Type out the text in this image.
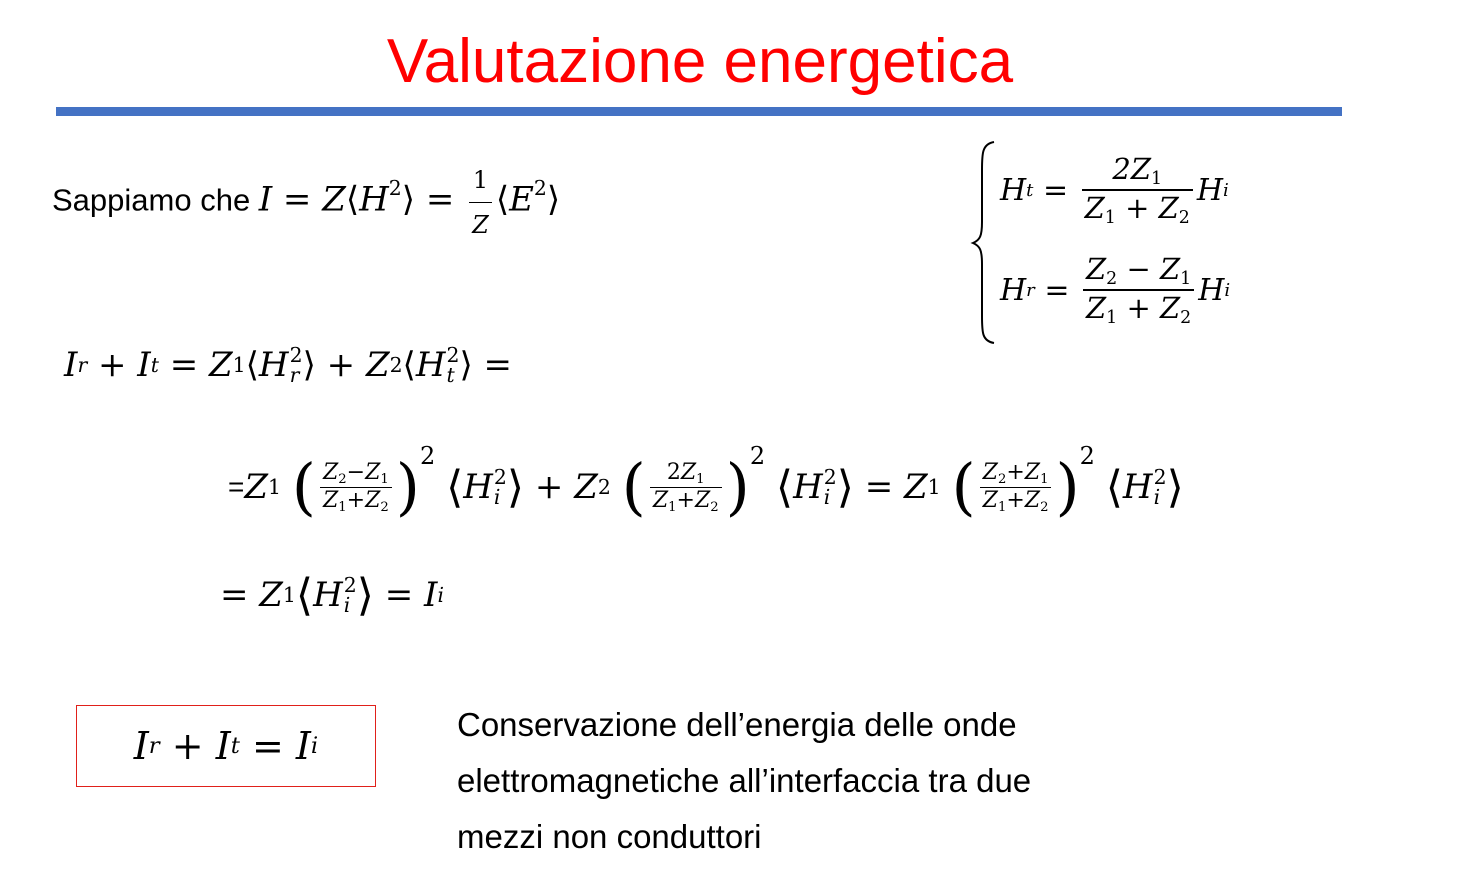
Valutazione energetica
Sappiamo che $I = Z⟨H^2⟩ = \frac{1}{Z}$ $⟨E^2⟩$	H $t = \frac{2Z1}{Z1 + Z2}$ H i
H $r = \frac{Z2 - Z1}{Z1 + Z2}$ H i
I r + I t = Z 1 ⟨ H 2
r ⟩ + Z 2 ⟨ H 2
t ⟩ =
= Z 1
( $\frac{Z2-Z1}{Z1+Z2}$ ) 2

⟨ H 2
i ⟩ + Z 2
( $\frac{2Z1}{Z1+Z2}$ ) 2

⟨ H 2
i ⟩ = Z 1
( $\frac{Z2+Z1}{Z1+Z2}$ ) 2

⟨ H 2
i ⟩
= Z 1 ⟨ H 2
i ⟩ = I i
I r + I t = I i
Conservazione dell’energia delle onde
elettromagnetiche all’interfaccia tra due
mezzi non conduttori
